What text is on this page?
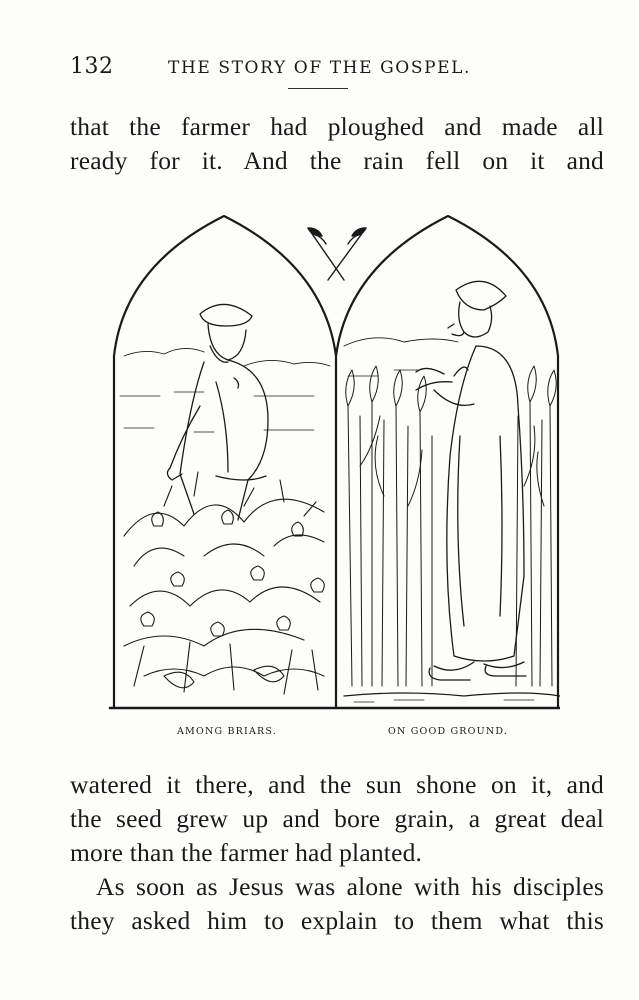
132	THE STORY OF THE GOSPEL.
that the farmer had ploughed and made all
ready for it. And the rain fell on it and
AMONG BRIARS.	ON GOOD GROUND.
watered it there, and the sun shone on it, and
the seed grew up and bore grain, a great deal
more than the farmer had planted.
As soon as Jesus was alone with his disciples
they asked him to explain to them what this
